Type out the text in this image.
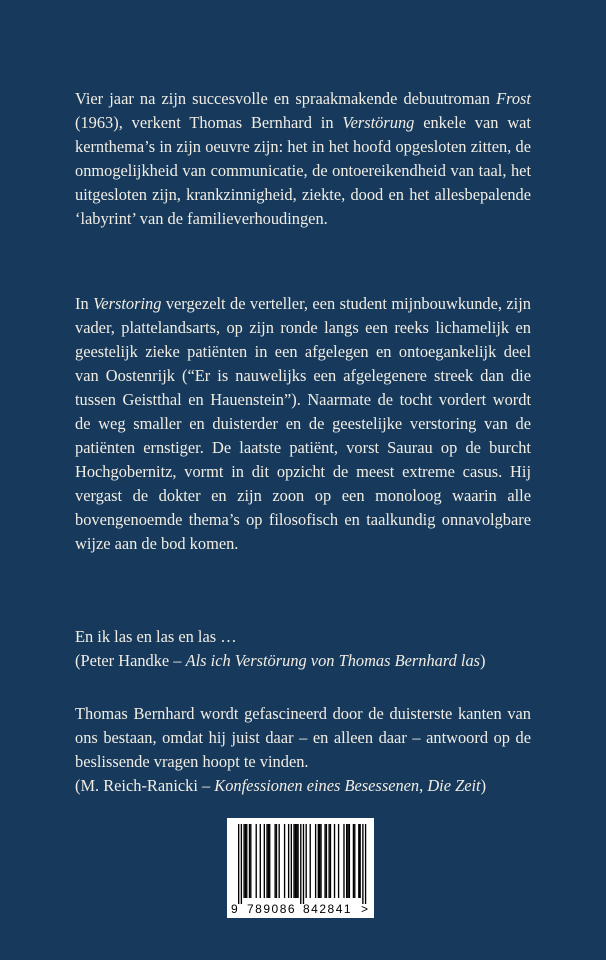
Vier jaar na zijn succesvolle en spraakmakende debuutroman Frost (1963), verkent Thomas Bernhard in Verstörung enkele van wat kernthema’s in zijn oeuvre zijn: het in het hoofd opgesloten zitten, de onmogelijkheid van communicatie, de ontoereikendheid van taal, het uitgesloten zijn, krankzinnigheid, ziekte, dood en het allesbepalende ‘labyrint’ van de familieverhoudingen.

In Verstoring vergezelt de verteller, een student mijnbouwkunde, zijn vader, plattelandsarts, op zijn ronde langs een reeks lichamelijk en geestelijk zieke patiënten in een afgelegen en ontoegankelijk deel van Oostenrijk (“Er is nauwelijks een afgelegenere streek dan die tussen Geistthal en Hauenstein”). Naarmate de tocht vordert wordt de weg smaller en duisterder en de geestelijke verstoring van de patiënten ernstiger. De laatste patiënt, vorst Saurau op de burcht Hochgobernitz, vormt in dit opzicht de meest extreme casus. Hij vergast de dokter en zijn zoon op een monoloog waarin alle bovengenoemde thema’s op filosofisch en taalkundig onnavolgbare wijze aan de bod komen.

En ik las en las en las …

(Peter Handke – Als ich Verstörung von Thomas Bernhard las)

Thomas Bernhard wordt gefascineerd door de duisterste kanten van ons bestaan, omdat hij juist daar – en alleen daar – antwoord op de beslissende vragen hoopt te vinden.

(M. Reich-Ranicki – Konfessionen eines Besessenen, Die Zeit)

9 789086 842841 >
